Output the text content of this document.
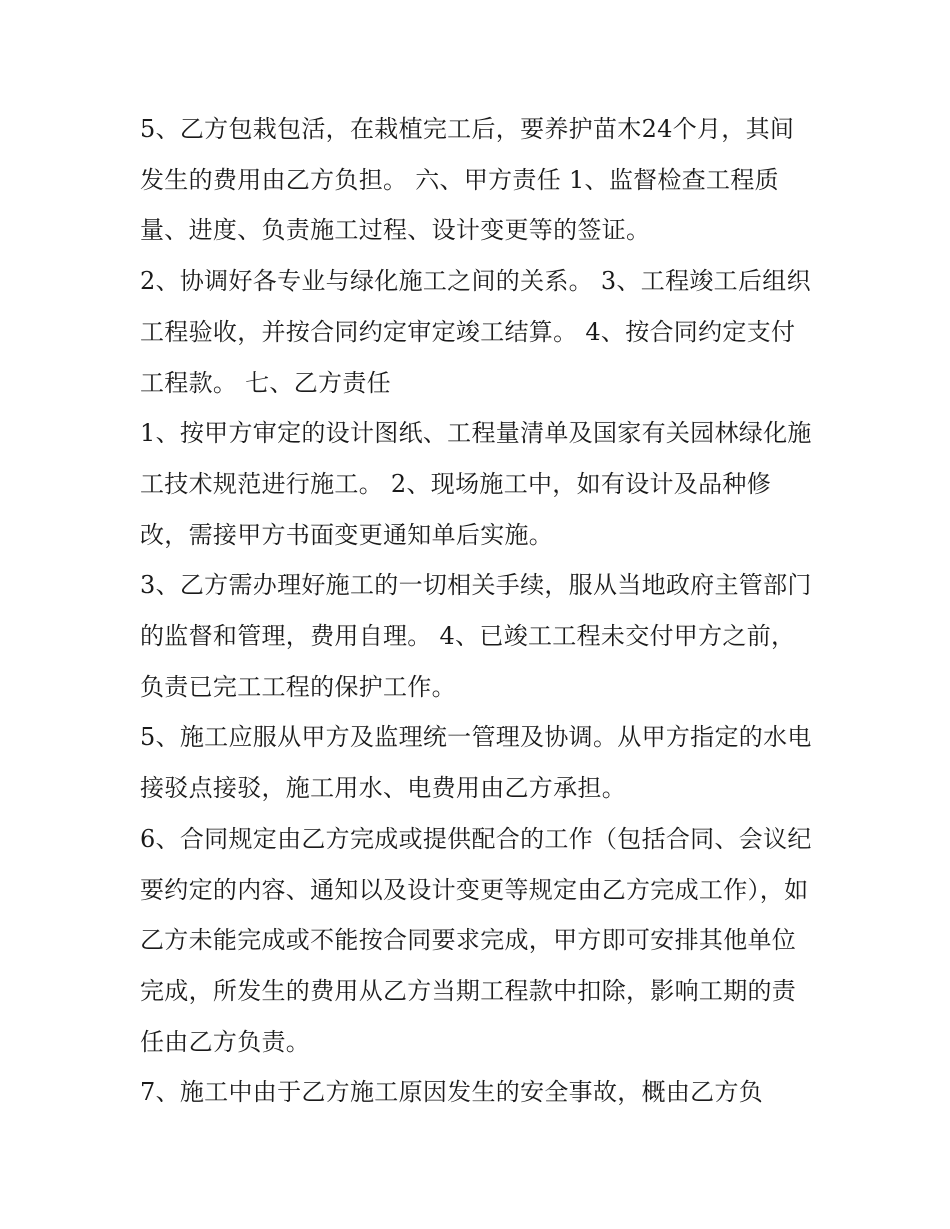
5、乙方包栽包活，在栽植完工后，要养护苗木24个月，其间发生的费用由乙方负担。 六、甲方责任 1、监督检查工程质量、进度、负责施工过程、设计变更等的签证。

2、协调好各专业与绿化施工之间的关系。 3、工程竣工后组织工程验收，并按合同约定审定竣工结算。 4、按合同约定支付工程款。 七、乙方责任

1、按甲方审定的设计图纸、工程量清单及国家有关园林绿化施工技术规范进行施工。 2、现场施工中，如有设计及品种修改，需接甲方书面变更通知单后实施。

3、乙方需办理好施工的一切相关手续，服从当地政府主管部门的监督和管理，费用自理。 4、已竣工工程未交付甲方之前，负责已完工工程的保护工作。

5、施工应服从甲方及监理统一管理及协调。从甲方指定的水电接驳点接驳，施工用水、电费用由乙方承担。

6、合同规定由乙方完成或提供配合的工作（包括合同、会议纪要约定的内容、通知以及设计变更等规定由乙方完成工作），如乙方未能完成或不能按合同要求完成，甲方即可安排其他单位完成，所发生的费用从乙方当期工程款中扣除，影响工期的责任由乙方负责。

7、施工中由于乙方施工原因发生的安全事故，概由乙方负
